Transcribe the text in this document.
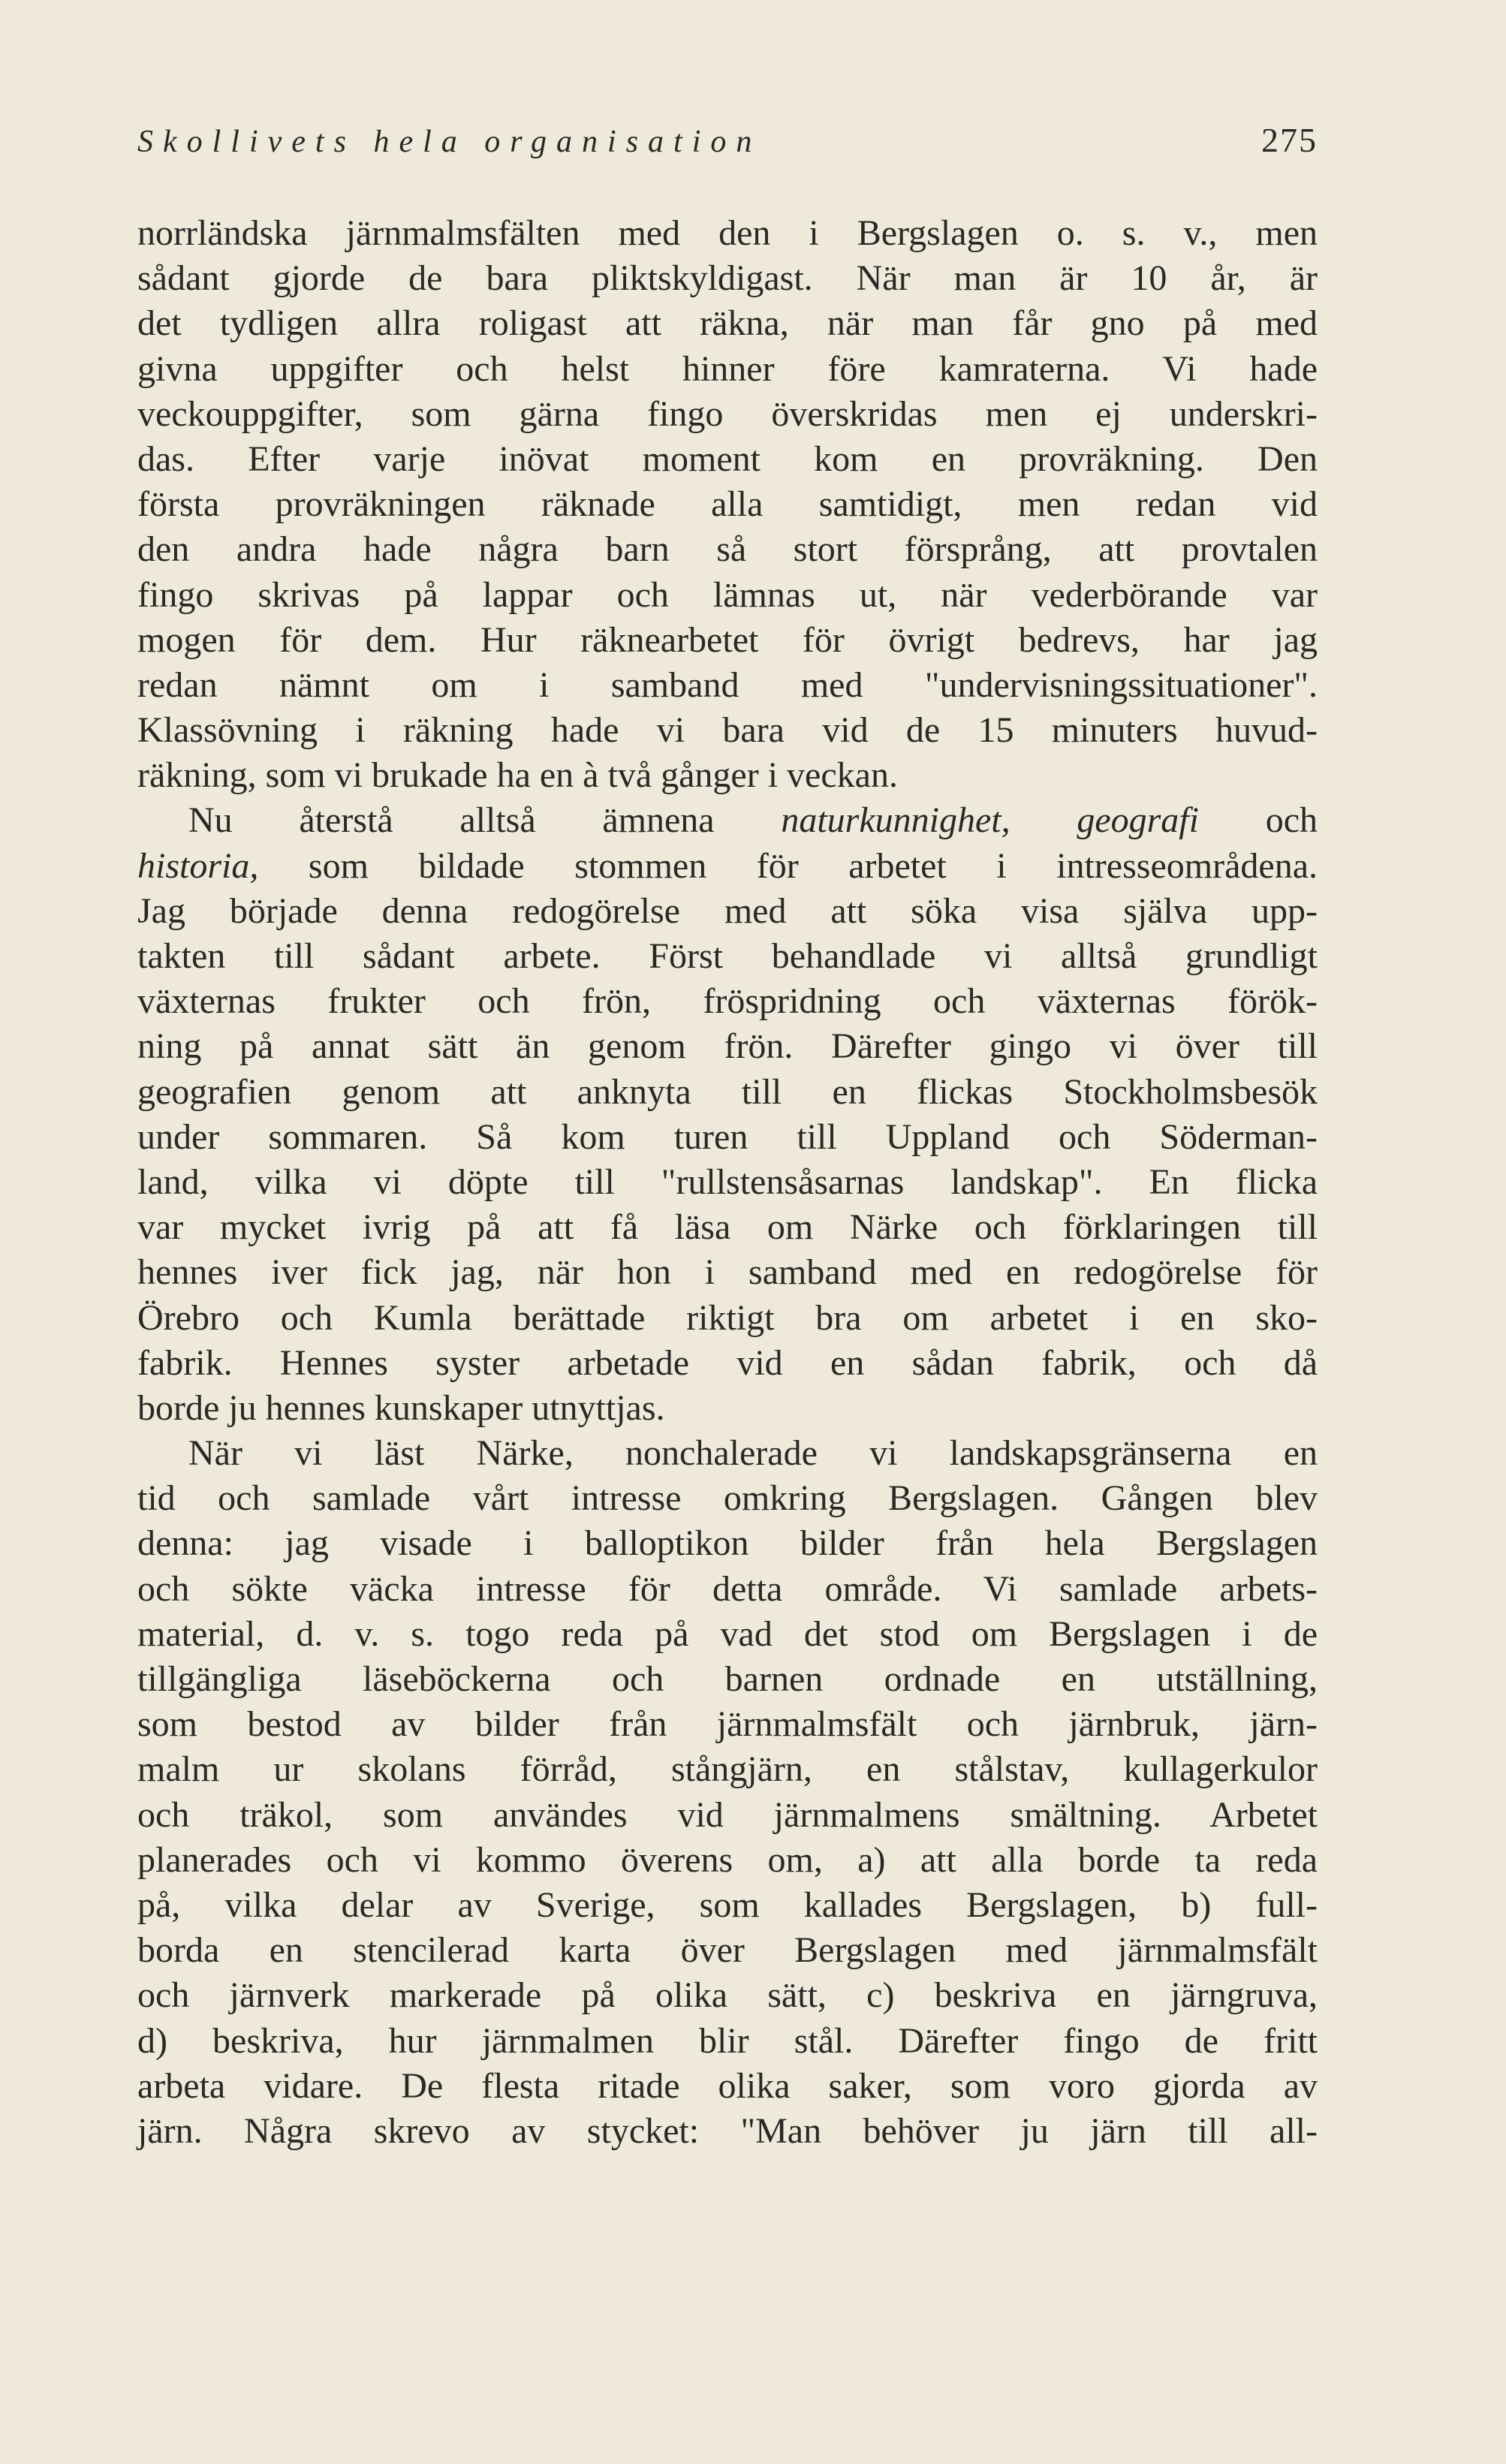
Skollivets hela organisation	275
norrländska järnmalmsfälten med den i Bergslagen o. s. v., men
sådant gjorde de bara pliktskyldigast. När man är 10 år, är
det tydligen allra roligast att räkna, när man får gno på med
givna uppgifter och helst hinner före kamraterna. Vi hade
veckouppgifter, som gärna fingo överskridas men ej underskri-
das. Efter varje inövat moment kom en provräkning. Den
första provräkningen räknade alla samtidigt, men redan vid
den andra hade några barn så stort försprång, att provtalen
fingo skrivas på lappar och lämnas ut, när vederbörande var
mogen för dem. Hur räknearbetet för övrigt bedrevs, har jag
redan nämnt om i samband med "undervisningssituationer".
Klassövning i räkning hade vi bara vid de 15 minuters huvud-
räkning, som vi brukade ha en à två gånger i veckan.
Nu återstå alltså ämnena naturkunnighet, geografi och
historia, som bildade stommen för arbetet i intresseområdena.
Jag började denna redogörelse med att söka visa själva upp-
takten till sådant arbete. Först behandlade vi alltså grundligt
växternas frukter och frön, fröspridning och växternas förök-
ning på annat sätt än genom frön. Därefter gingo vi över till
geografien genom att anknyta till en flickas Stockholmsbesök
under sommaren. Så kom turen till Uppland och Söderman-
land, vilka vi döpte till "rullstensåsarnas landskap". En flicka
var mycket ivrig på att få läsa om Närke och förklaringen till
hennes iver fick jag, när hon i samband med en redogörelse för
Örebro och Kumla berättade riktigt bra om arbetet i en sko-
fabrik. Hennes syster arbetade vid en sådan fabrik, och då
borde ju hennes kunskaper utnyttjas.
När vi läst Närke, nonchalerade vi landskapsgränserna en
tid och samlade vårt intresse omkring Bergslagen. Gången blev
denna: jag visade i balloptikon bilder från hela Bergslagen
och sökte väcka intresse för detta område. Vi samlade arbets-
material, d. v. s. togo reda på vad det stod om Bergslagen i de
tillgängliga läseböckerna och barnen ordnade en utställning,
som bestod av bilder från järnmalmsfält och järnbruk, järn-
malm ur skolans förråd, stångjärn, en stålstav, kullagerkulor
och träkol, som användes vid järnmalmens smältning. Arbetet
planerades och vi kommo överens om, a) att alla borde ta reda
på, vilka delar av Sverige, som kallades Bergslagen, b) full-
borda en stencilerad karta över Bergslagen med järnmalmsfält
och järnverk markerade på olika sätt, c) beskriva en järngruva,
d) beskriva, hur järnmalmen blir stål. Därefter fingo de fritt
arbeta vidare. De flesta ritade olika saker, som voro gjorda av
järn. Några skrevo av stycket: "Man behöver ju järn till all-
